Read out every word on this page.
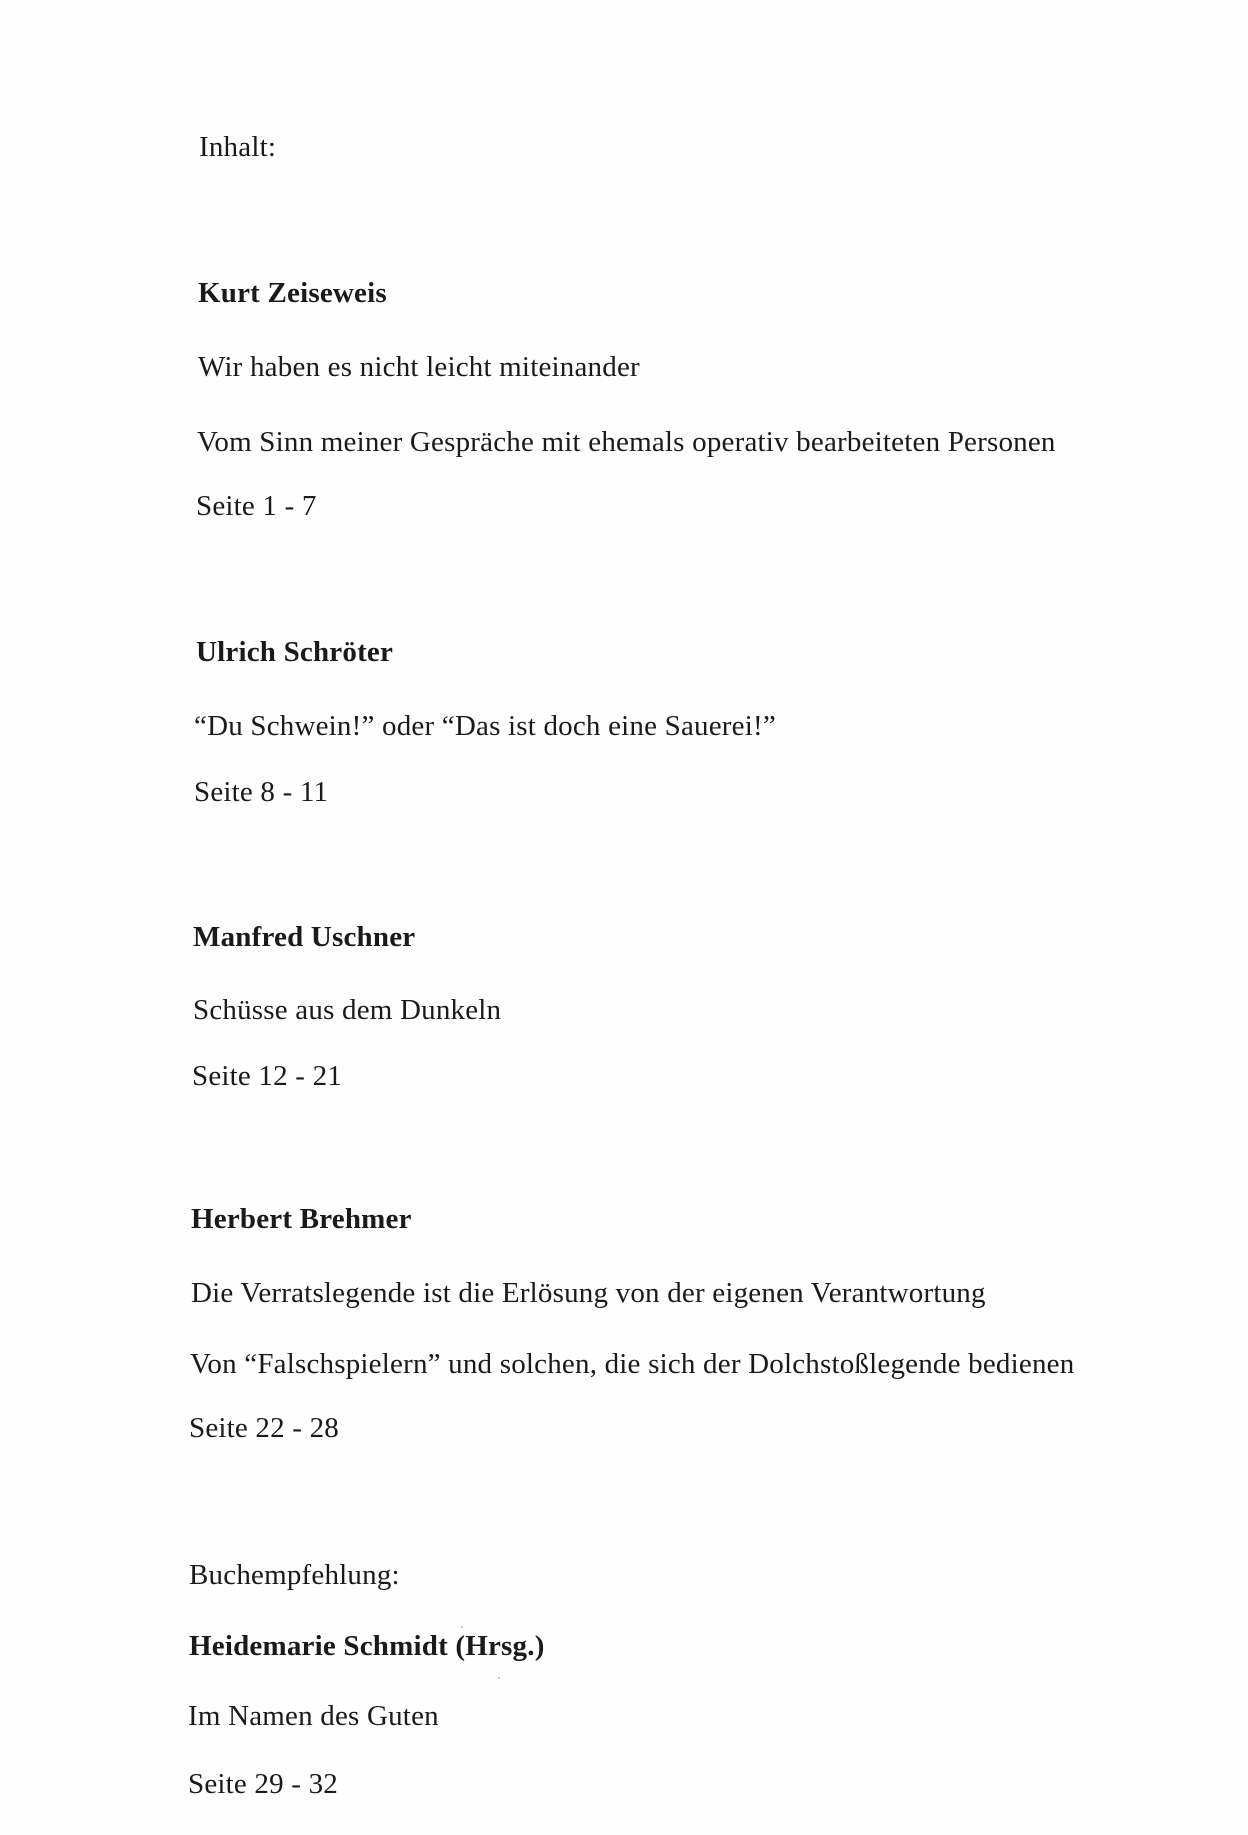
Inhalt:
Kurt Zeiseweis
Wir haben es nicht leicht miteinander
Vom Sinn meiner Gespräche mit ehemals operativ bearbeiteten Personen
Seite 1 - 7
Ulrich Schröter
“Du Schwein!” oder “Das ist doch eine Sauerei!”
Seite 8 - 11
Manfred Uschner
Schüsse aus dem Dunkeln
Seite 12 - 21
Herbert Brehmer
Die Verratslegende ist die Erlösung von der eigenen Verantwortung
Von “Falschspielern” und solchen, die sich der Dolchstoßlegende bedienen
Seite 22 - 28
Buchempfehlung:
Heidemarie Schmidt (Hrsg.)
Im Namen des Guten
Seite 29 - 32
